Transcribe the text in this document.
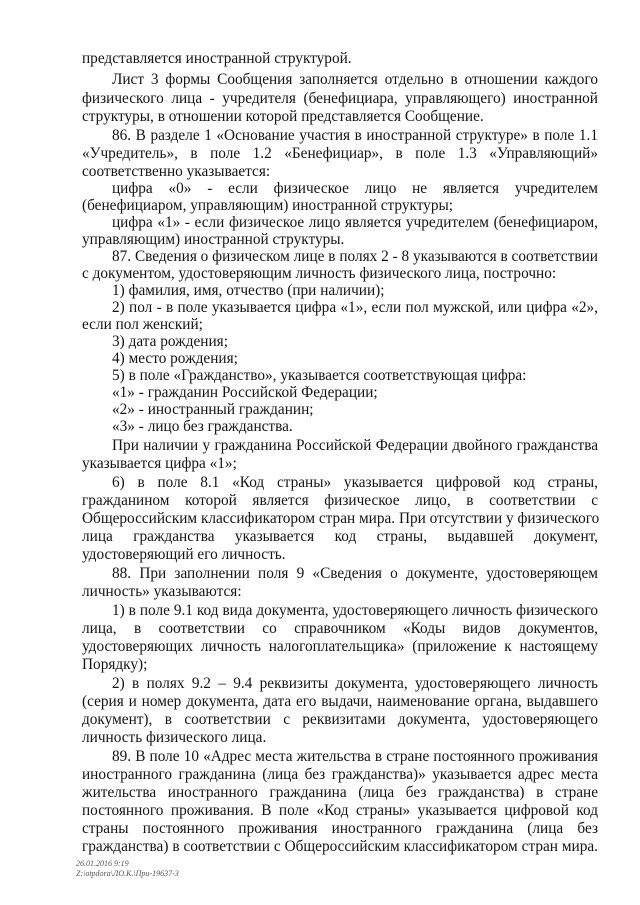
представляется иностранной структурой.
Лист 3 формы Сообщения заполняется отдельно в отношении каждого
физического лица - учредителя (бенефициара, управляющего) иностранной
структуры, в отношении которой представляется Сообщение.
86. В разделе 1 «Основание участия в иностранной структуре» в поле 1.1
«Учредитель», в поле 1.2 «Бенефициар», в поле 1.3 «Управляющий»
соответственно указывается:
цифра «0» - если физическое лицо не является учредителем
(бенефициаром, управляющим) иностранной структуры;
цифра «1» - если физическое лицо является учредителем (бенефициаром,
управляющим) иностранной структуры.
87. Сведения о физическом лице в полях 2 - 8 указываются в соответствии
с документом, удостоверяющим личность физического лица, построчно:
1) фамилия, имя, отчество (при наличии);
2) пол - в поле указывается цифра «1», если пол мужской, или цифра «2»,
если пол женский;
3) дата рождения;
4) место рождения;
5) в поле «Гражданство», указывается соответствующая цифра:
«1» - гражданин Российской Федерации;
«2» - иностранный гражданин;
«3» - лицо без гражданства.
При наличии у гражданина Российской Федерации двойного гражданства
указывается цифра «1»;
6) в поле 8.1 «Код страны» указывается цифровой код страны,
гражданином которой является физическое лицо, в соответствии с
Общероссийским классификатором стран мира. При отсутствии у физического
лица гражданства указывается код страны, выдавшей документ,
удостоверяющий его личность.
88. При заполнении поля 9 «Сведения о документе, удостоверяющем
личность» указываются:
1) в поле 9.1 код вида документа, удостоверяющего личность физического
лица, в соответствии со справочником «Коды видов документов,
удостоверяющих личность налогоплательщика» (приложение к настоящему
Порядку);
2) в полях 9.2 – 9.4 реквизиты документа, удостоверяющего личность
(серия и номер документа, дата его выдачи, наименование органа, выдавшего
документ), в соответствии с реквизитами документа, удостоверяющего
личность физического лица.
89. В поле 10 «Адрес места жительства в стране постоянного проживания
иностранного гражданина (лица без гражданства)» указывается адрес места
жительства иностранного гражданина (лица без гражданства) в стране
постоянного проживания. В поле «Код страны» указывается цифровой код
страны постоянного проживания иностранного гражданина (лица без
гражданства) в соответствии с Общероссийским классификатором стран мира.
26.01.2016 9:19
Z:\otpdora\ЛО.К.\При-19637-3
